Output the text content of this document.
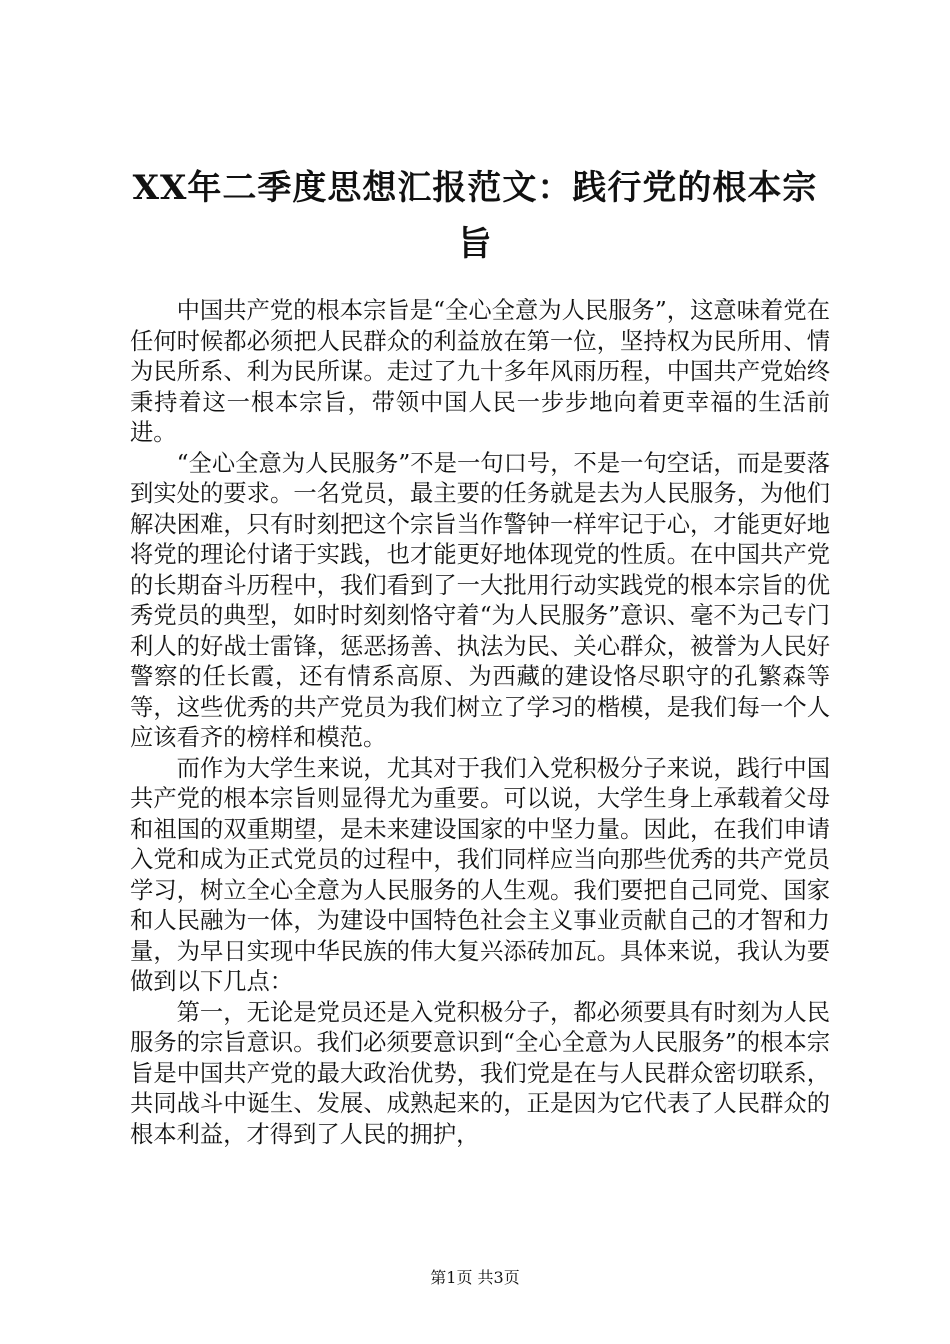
XX年二季度思想汇报范文：践行党的根本宗旨

中国共产党的根本宗旨是“全心全意为人民服务”，这意味着党在任何时候都必须把人民群众的利益放在第一位，坚持权为民所用、情为民所系、利为民所谋。走过了九十多年风雨历程，中国共产党始终秉持着这一根本宗旨，带领中国人民一步步地向着更幸福的生活前进。

“全心全意为人民服务”不是一句口号，不是一句空话，而是要落到实处的要求。一名党员，最主要的任务就是去为人民服务，为他们解决困难，只有时刻把这个宗旨当作警钟一样牢记于心，才能更好地将党的理论付诸于实践，也才能更好地体现党的性质。在中国共产党的长期奋斗历程中，我们看到了一大批用行动实践党的根本宗旨的优秀党员的典型，如时时刻刻恪守着“为人民服务”意识、毫不为己专门利人的好战士雷锋，惩恶扬善、执法为民、关心群众，被誉为人民好警察的任长霞，还有情系高原、为西藏的建设恪尽职守的孔繁森等等，这些优秀的共产党员为我们树立了学习的楷模，是我们每一个人应该看齐的榜样和模范。

而作为大学生来说，尤其对于我们入党积极分子来说，践行中国共产党的根本宗旨则显得尤为重要。可以说，大学生身上承载着父母和祖国的双重期望，是未来建设国家的中坚力量。因此，在我们申请入党和成为正式党员的过程中，我们同样应当向那些优秀的共产党员学习，树立全心全意为人民服务的人生观。我们要把自己同党、国家和人民融为一体，为建设中国特色社会主义事业贡献自己的才智和力量，为早日实现中华民族的伟大复兴添砖加瓦。具体来说，我认为要做到以下几点：

第一，无论是党员还是入党积极分子，都必须要具有时刻为人民服务的宗旨意识。我们必须要意识到“全心全意为人民服务”的根本宗旨是中国共产党的最大政治优势，我们党是在与人民群众密切联系，共同战斗中诞生、发展、成熟起来的，正是因为它代表了人民群众的根本利益，才得到了人民的拥护，

第1页 共3页
